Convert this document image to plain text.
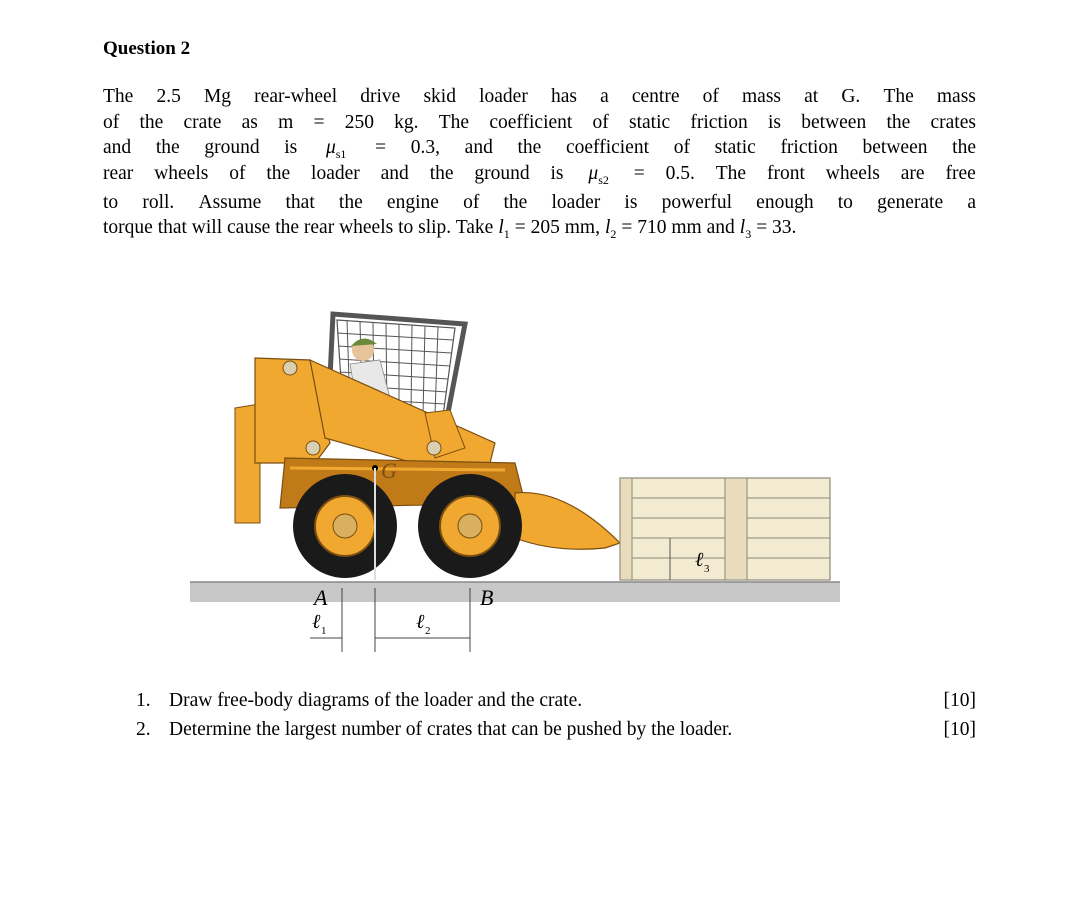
Question 2
The 2.5 Mg rear-wheel drive skid loader has a centre of mass at G. The mass
of the crate as m = 250 kg. The coefficient of static friction is between the crates
and the ground is $\mu_{s1} = 0.3$, and the coefficient of static friction between the
rear wheels of the loader and the ground is $\mu_{s2} = 0.5$. The front wheels are free
to roll. Assume that the engine of the loader is powerful enough to generate a
torque that will cause the rear wheels to slip. Take $l_1 = 205$ mm, $l_2 = 710$ mm and $l_3 = 33$.
G
ℓ 3
A	B
ℓ 1	ℓ 2
1. Draw free-body diagrams of the loader and the crate.	[10]
2. Determine the largest number of crates that can be pushed by the loader.	[10]
